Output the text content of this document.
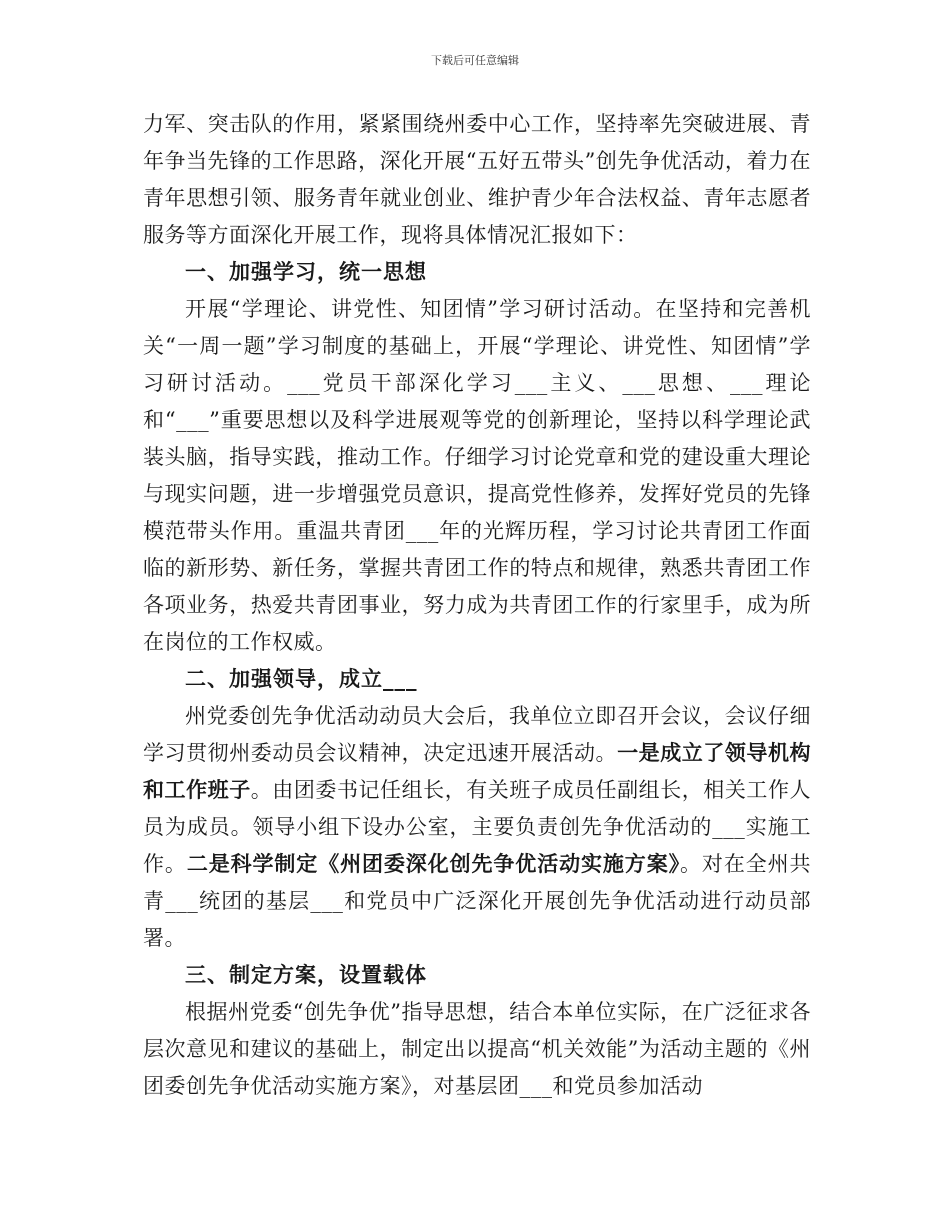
下载后可任意编辑

力军、突击队的作用，紧紧围绕州委中心工作，坚持率先突破进展、青年争当先锋的工作思路，深化开展“五好五带头”创先争优活动，着力在青年思想引领、服务青年就业创业、维护青少年合法权益、青年志愿者服务等方面深化开展工作，现将具体情况汇报如下：

一、加强学习，统一思想

开展“学理论、讲党性、知团情”学习研讨活动。在坚持和完善机关“一周一题”学习制度的基础上，开展“学理论、讲党性、知团情”学习研讨活动。___党员干部深化学习___主义、___思想、___理论和“___”重要思想以及科学进展观等党的创新理论，坚持以科学理论武装头脑，指导实践，推动工作。仔细学习讨论党章和党的建设重大理论与现实问题，进一步增强党员意识，提高党性修养，发挥好党员的先锋模范带头作用。重温共青团___年的光辉历程，学习讨论共青团工作面临的新形势、新任务，掌握共青团工作的特点和规律，熟悉共青团工作各项业务，热爱共青团事业，努力成为共青团工作的行家里手，成为所在岗位的工作权威。

二、加强领导，成立___

州党委创先争优活动动员大会后，我单位立即召开会议，会议仔细学习贯彻州委动员会议精神，决定迅速开展活动。一是成立了领导机构和工作班子。由团委书记任组长，有关班子成员任副组长，相关工作人员为成员。领导小组下设办公室，主要负责创先争优活动的___实施工作。二是科学制定《州团委深化创先争优活动实施方案》。对在全州共青___统团的基层___和党员中广泛深化开展创先争优活动进行动员部署。

三、制定方案，设置载体

根据州党委“创先争优”指导思想，结合本单位实际，在广泛征求各层次意见和建议的基础上，制定出以提高“机关效能”为活动主题的《州团委创先争优活动实施方案》，对基层团___和党员参加活动
